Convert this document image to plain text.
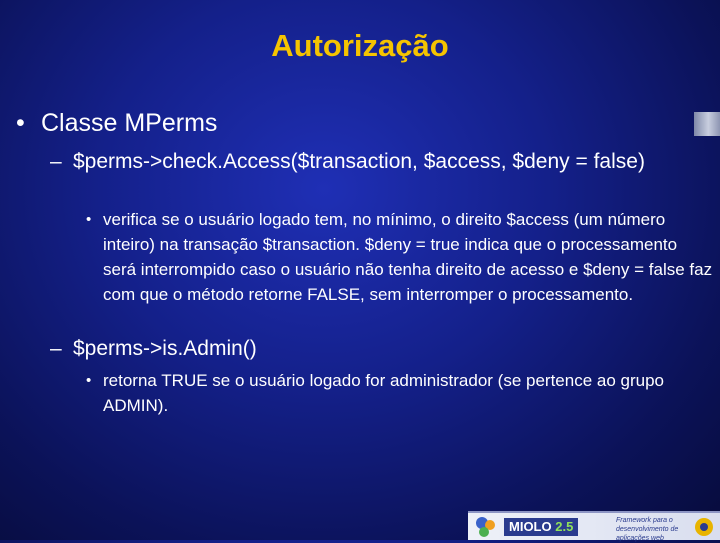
Autorização
• Classe MPerms
– $perms->check.Access($transaction, $access, $deny = false)
• verifica se o usuário logado tem, no mínimo, o direito $access (um número inteiro) na transação $transaction. $deny = true indica que o processamento será interrompido caso o usuário não tenha direito de acesso e $deny = false faz com que o método retorne FALSE, sem interromper o processamento.
– $perms->is.Admin()
• retorna TRUE se o usuário logado for administrador (se pertence ao grupo ADMIN).
MIOLO 2.5	Framework para o desenvolvimento de aplicações web
